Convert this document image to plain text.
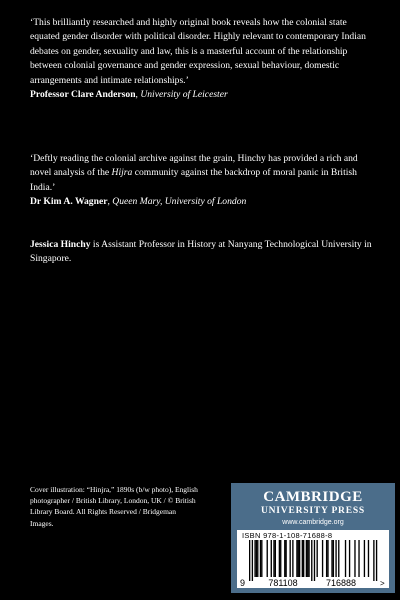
‘This brilliantly researched and highly original book reveals how the colonial state equated gender disorder with political disorder. Highly relevant to contemporary Indian debates on gender, sexuality and law, this is a masterful account of the relationship between colonial governance and gender expression, sexual behaviour, domestic arrangements and intimate relationships.’

Professor Clare Anderson, University of Leicester

‘Deftly reading the colonial archive against the grain, Hinchy has provided a rich and novel analysis of the Hijra community against the backdrop of moral panic in British India.’

Dr Kim A. Wagner, Queen Mary, University of London

Jessica Hinchy is Assistant Professor in History at Nanyang Technological University in Singapore.

Cover illustration: “Hinjra,” 1890s (b/w photo), English photographer / British Library, London, UK / © British Library Board. All Rights Reserved / Bridgeman Images.
CAMBRIDGE
UNIVERSITY PRESS
www.cambridge.org
ISBN 978-1-108-71688-8
9	781108	716888	>
